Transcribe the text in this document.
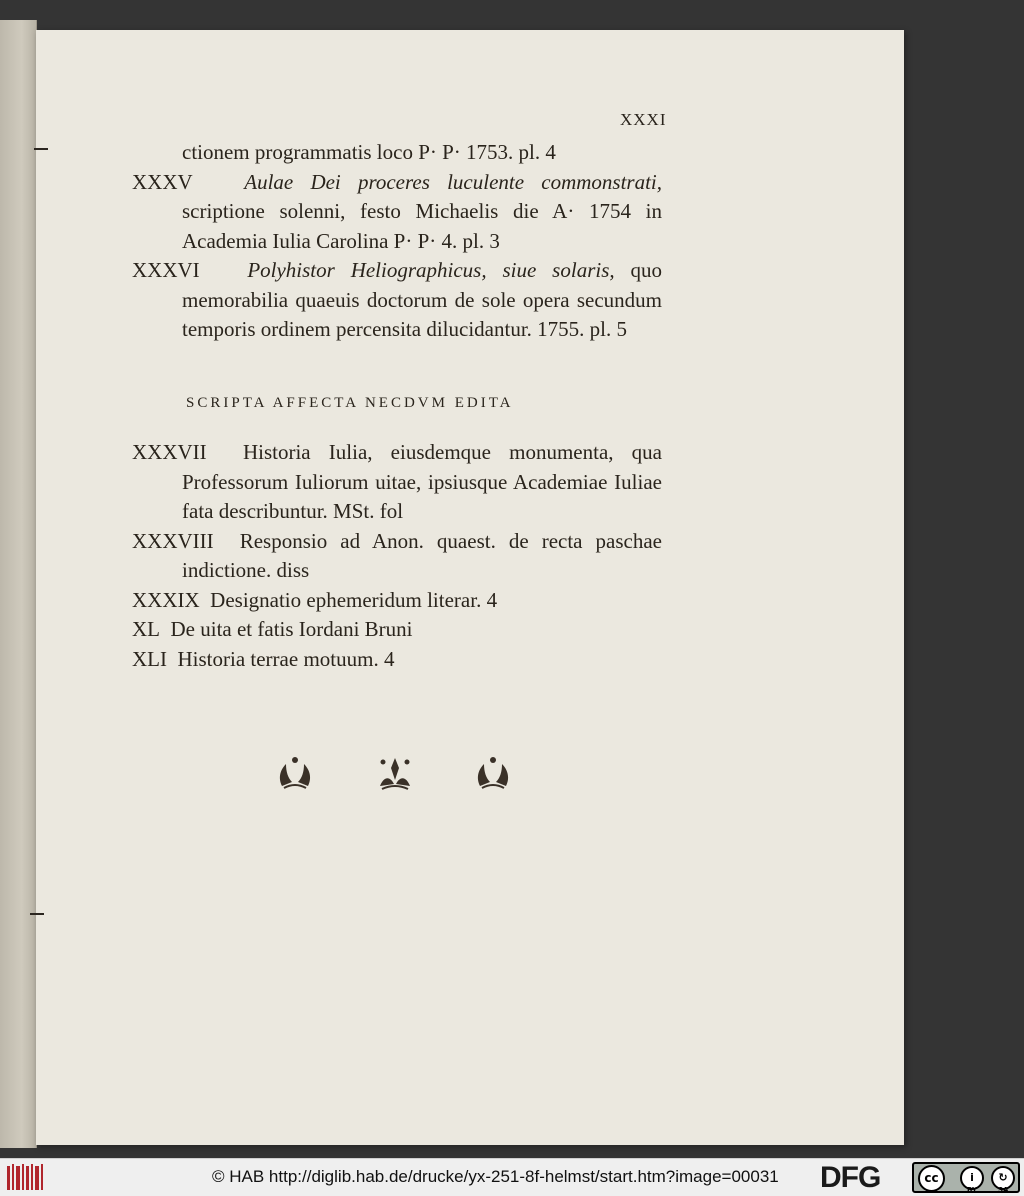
XXXI
ctionem programmatis loco P· P· 1753. pl. 4
XXXV Aulae Dei proceres luculente commonstrati, scriptione solenni, festo Michaelis die A· 1754 in Academia Iulia Carolina P· P· 4. pl. 3
XXXVI Polyhistor Heliographicus, siue solaris, quo memorabilia quaeuis doctorum de sole opera secundum temporis ordinem percensita dilucidantur. 1755. pl. 5
SCRIPTA AFFECTA NECDVM EDITA
XXXVII Historia Iulia, eiusdemque monumenta, qua Professorum Iuliorum uitae, ipsiusque Academiae Iuliae fata describuntur. MSt. fol
XXXVIII Responsio ad Anon. quaest. de recta paschae indictione. diss
XXXIX Designatio ephemeridum literar. 4
XL De uita et fatis Iordani Bruni
XLI Historia terrae motuum. 4
© HAB http://diglib.hab.de/drucke/yx-251-8f-helmst/start.htm?image=00031 DFG	cc	i	↻
BY	SA
